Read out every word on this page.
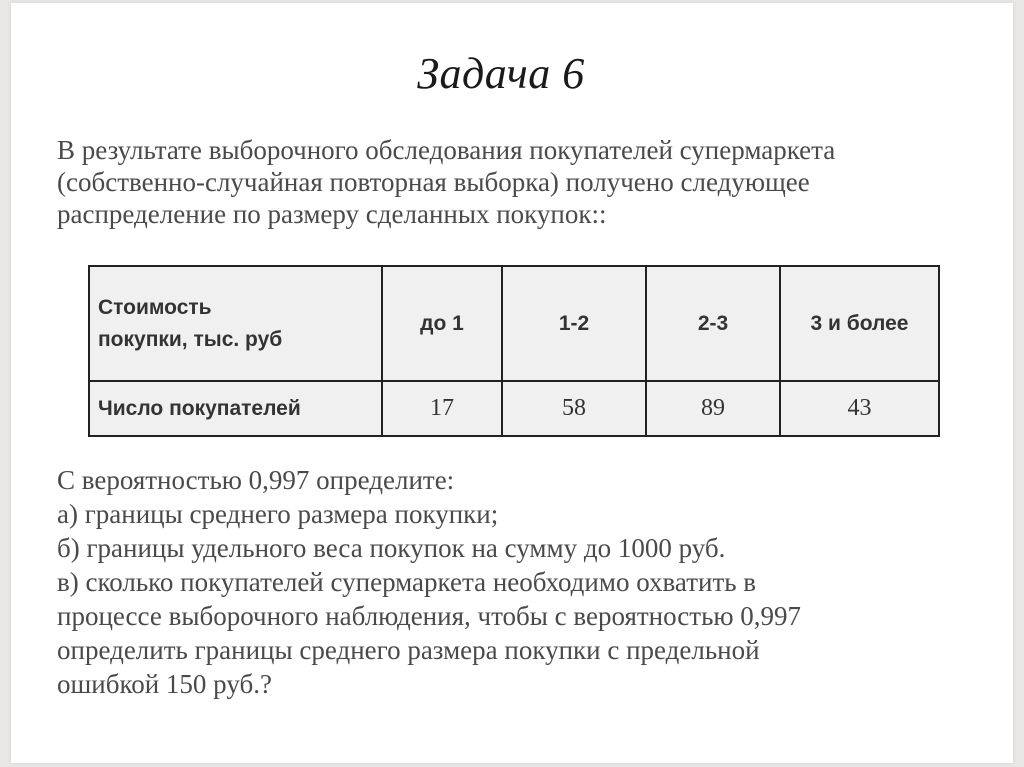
Задача 6
В результате выборочного обследования покупателей супермаркета
(собственно-случайная повторная выборка) получено следующее
распределение по размеру сделанных покупок::
Стоимость
покупки, тыс. руб	до 1	1-2	2-3	3 и более
Число покупателей	17	58	89	43
С вероятностью 0,997 определите:
а) границы среднего размера покупки;
б) границы удельного веса покупок на сумму до 1000 руб.
в) сколько покупателей супермаркета необходимо охватить в
процессе выборочного наблюдения, чтобы с вероятностью 0,997
определить границы среднего размера покупки с предельной
ошибкой 150 руб.?
